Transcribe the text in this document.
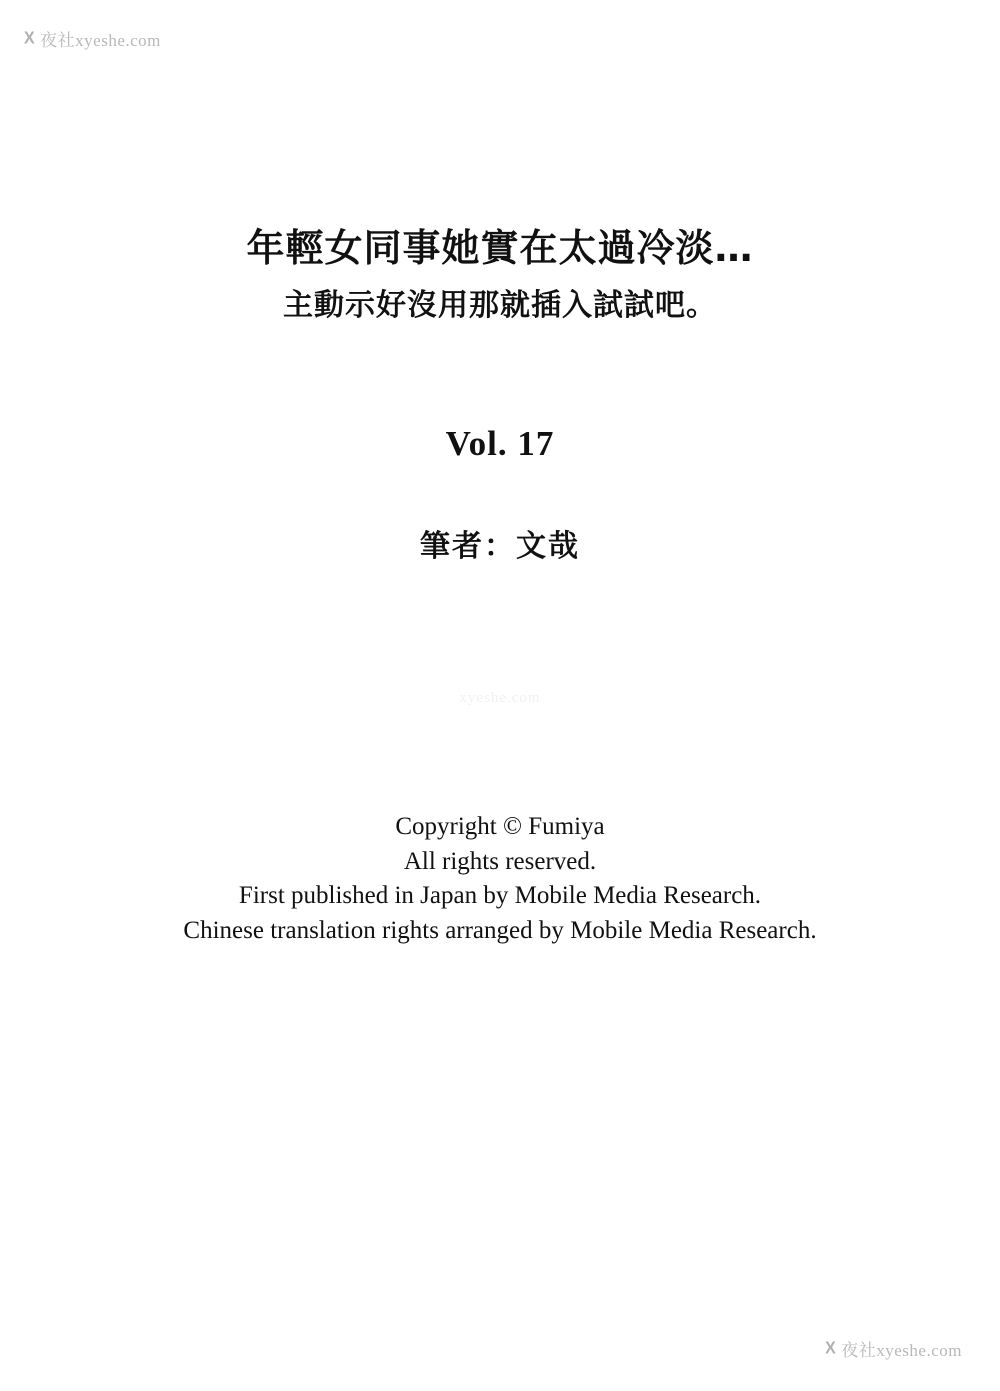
X 夜社xyeshe.com
年輕女同事她實在太過冷淡…
主動示好沒用那就插入試試吧。
Vol. 17
筆者：文哉
xyeshe.com
Copyright © Fumiya
All rights reserved.
First published in Japan by Mobile Media Research.
Chinese translation rights arranged by Mobile Media Research.
X 夜社xyeshe.com
